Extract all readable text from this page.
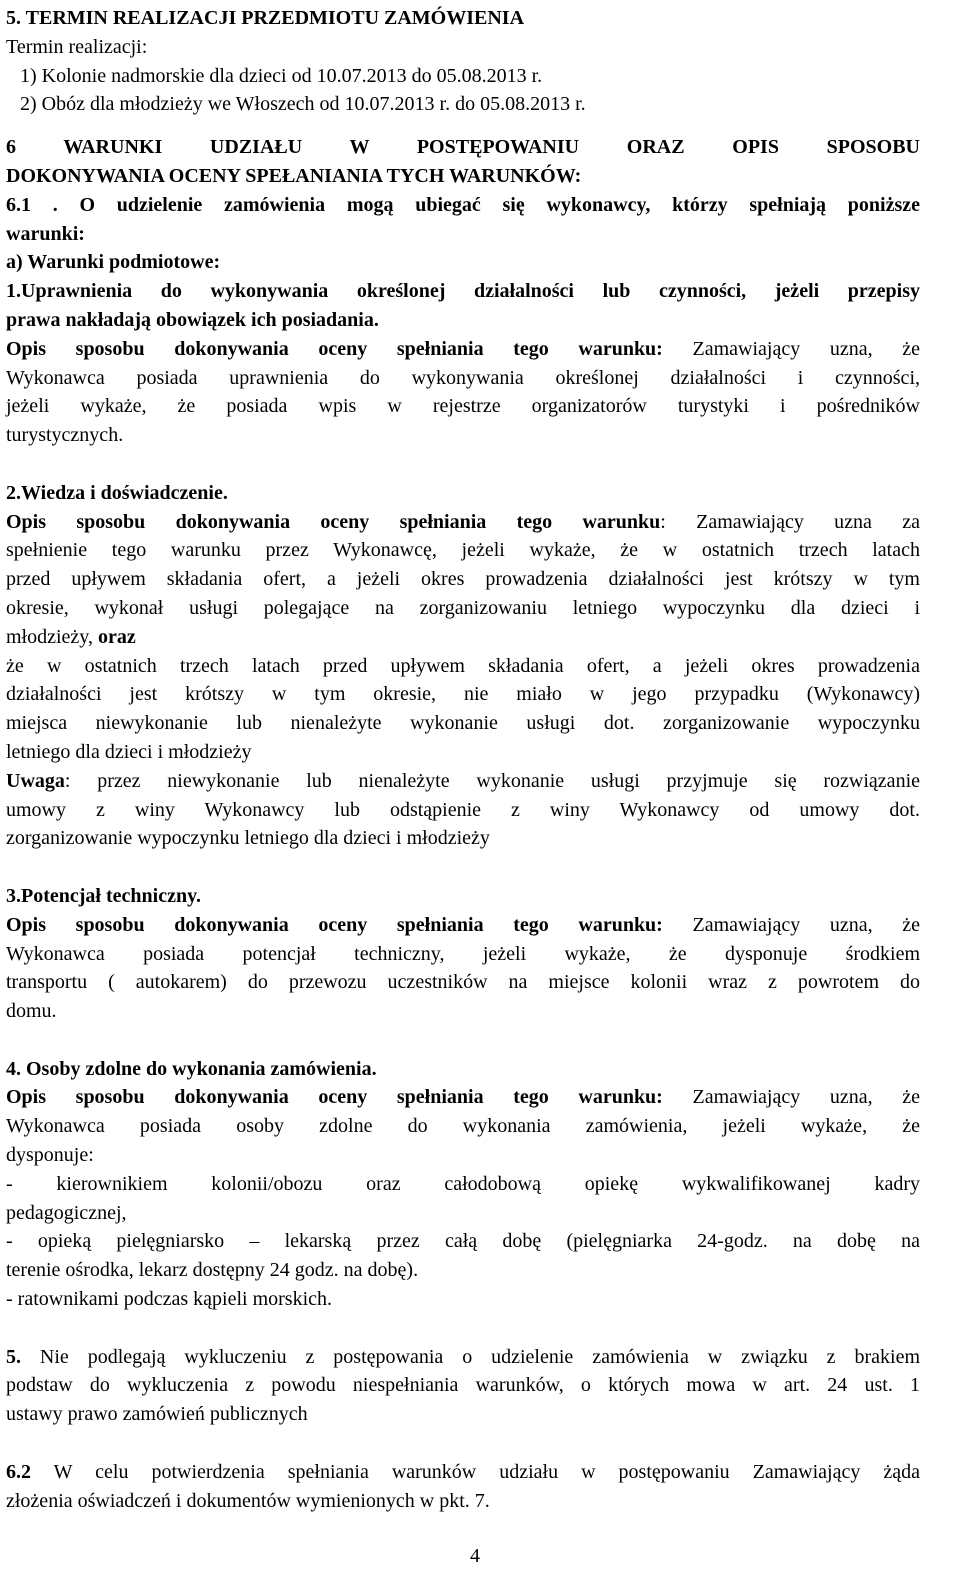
5. TERMIN REALIZACJI PRZEDMIOTU ZAMÓWIENIA

Termin realizacji:

1) Kolonie nadmorskie dla dzieci od 10.07.2013 do 05.08.2013 r.

2) Obóz dla młodzieży we Włoszech od 10.07.2013 r. do 05.08.2013 r.

6 WARUNKI UDZIAŁU W POSTĘPOWANIU ORAZ OPIS SPOSOBU

DOKONYWANIA OCENY SPEŁANIANIA TYCH WARUNKÓW:

6.1 . O udzielenie zamówienia mogą ubiegać się wykonawcy, którzy spełniają poniższe

warunki:

a) Warunki podmiotowe:

1.Uprawnienia do wykonywania określonej działalności lub czynności, jeżeli przepisy

prawa nakładają obowiązek ich posiadania.

Opis sposobu dokonywania oceny spełniania tego warunku: Zamawiający uzna, że

Wykonawca posiada uprawnienia do wykonywania określonej działalności i czynności,

jeżeli wykaże, że posiada wpis w rejestrze organizatorów turystyki i pośredników

turystycznych.

2.Wiedza i doświadczenie.

Opis sposobu dokonywania oceny spełniania tego warunku: Zamawiający uzna za

spełnienie tego warunku przez Wykonawcę, jeżeli wykaże, że w ostatnich trzech latach

przed upływem składania ofert, a jeżeli okres prowadzenia działalności jest krótszy w tym

okresie, wykonał usługi polegające na zorganizowaniu letniego wypoczynku dla dzieci i

młodzieży, oraz

że w ostatnich trzech latach przed upływem składania ofert, a jeżeli okres prowadzenia

działalności jest krótszy w tym okresie, nie miało w jego przypadku (Wykonawcy)

miejsca niewykonanie lub nienależyte wykonanie usługi dot. zorganizowanie wypoczynku

letniego dla dzieci i młodzieży

Uwaga: przez niewykonanie lub nienależyte wykonanie usługi przyjmuje się rozwiązanie

umowy z winy Wykonawcy lub odstąpienie z winy Wykonawcy od umowy dot.

zorganizowanie wypoczynku letniego dla dzieci i młodzieży

3.Potencjał techniczny.

Opis sposobu dokonywania oceny spełniania tego warunku: Zamawiający uzna, że

Wykonawca posiada potencjał techniczny, jeżeli wykaże, że dysponuje środkiem

transportu ( autokarem) do przewozu uczestników na miejsce kolonii wraz z powrotem do

domu.

4. Osoby zdolne do wykonania zamówienia.

Opis sposobu dokonywania oceny spełniania tego warunku: Zamawiający uzna, że

Wykonawca posiada osoby zdolne do wykonania zamówienia, jeżeli wykaże, że

dysponuje:

- kierownikiem kolonii/obozu oraz całodobową opiekę wykwalifikowanej kadry

pedagogicznej,

- opieką pielęgniarsko – lekarską przez całą dobę (pielęgniarka 24-godz. na dobę na

terenie ośrodka, lekarz dostępny 24 godz. na dobę).

- ratownikami podczas kąpieli morskich.

5. Nie podlegają wykluczeniu z postępowania o udzielenie zamówienia w związku z brakiem

podstaw do wykluczenia z powodu niespełniania warunków, o których mowa w art. 24 ust. 1

ustawy prawo zamówień publicznych

6.2 W celu potwierdzenia spełniania warunków udziału w postępowaniu Zamawiający żąda

złożenia oświadczeń i dokumentów wymienionych w pkt. 7.

4
